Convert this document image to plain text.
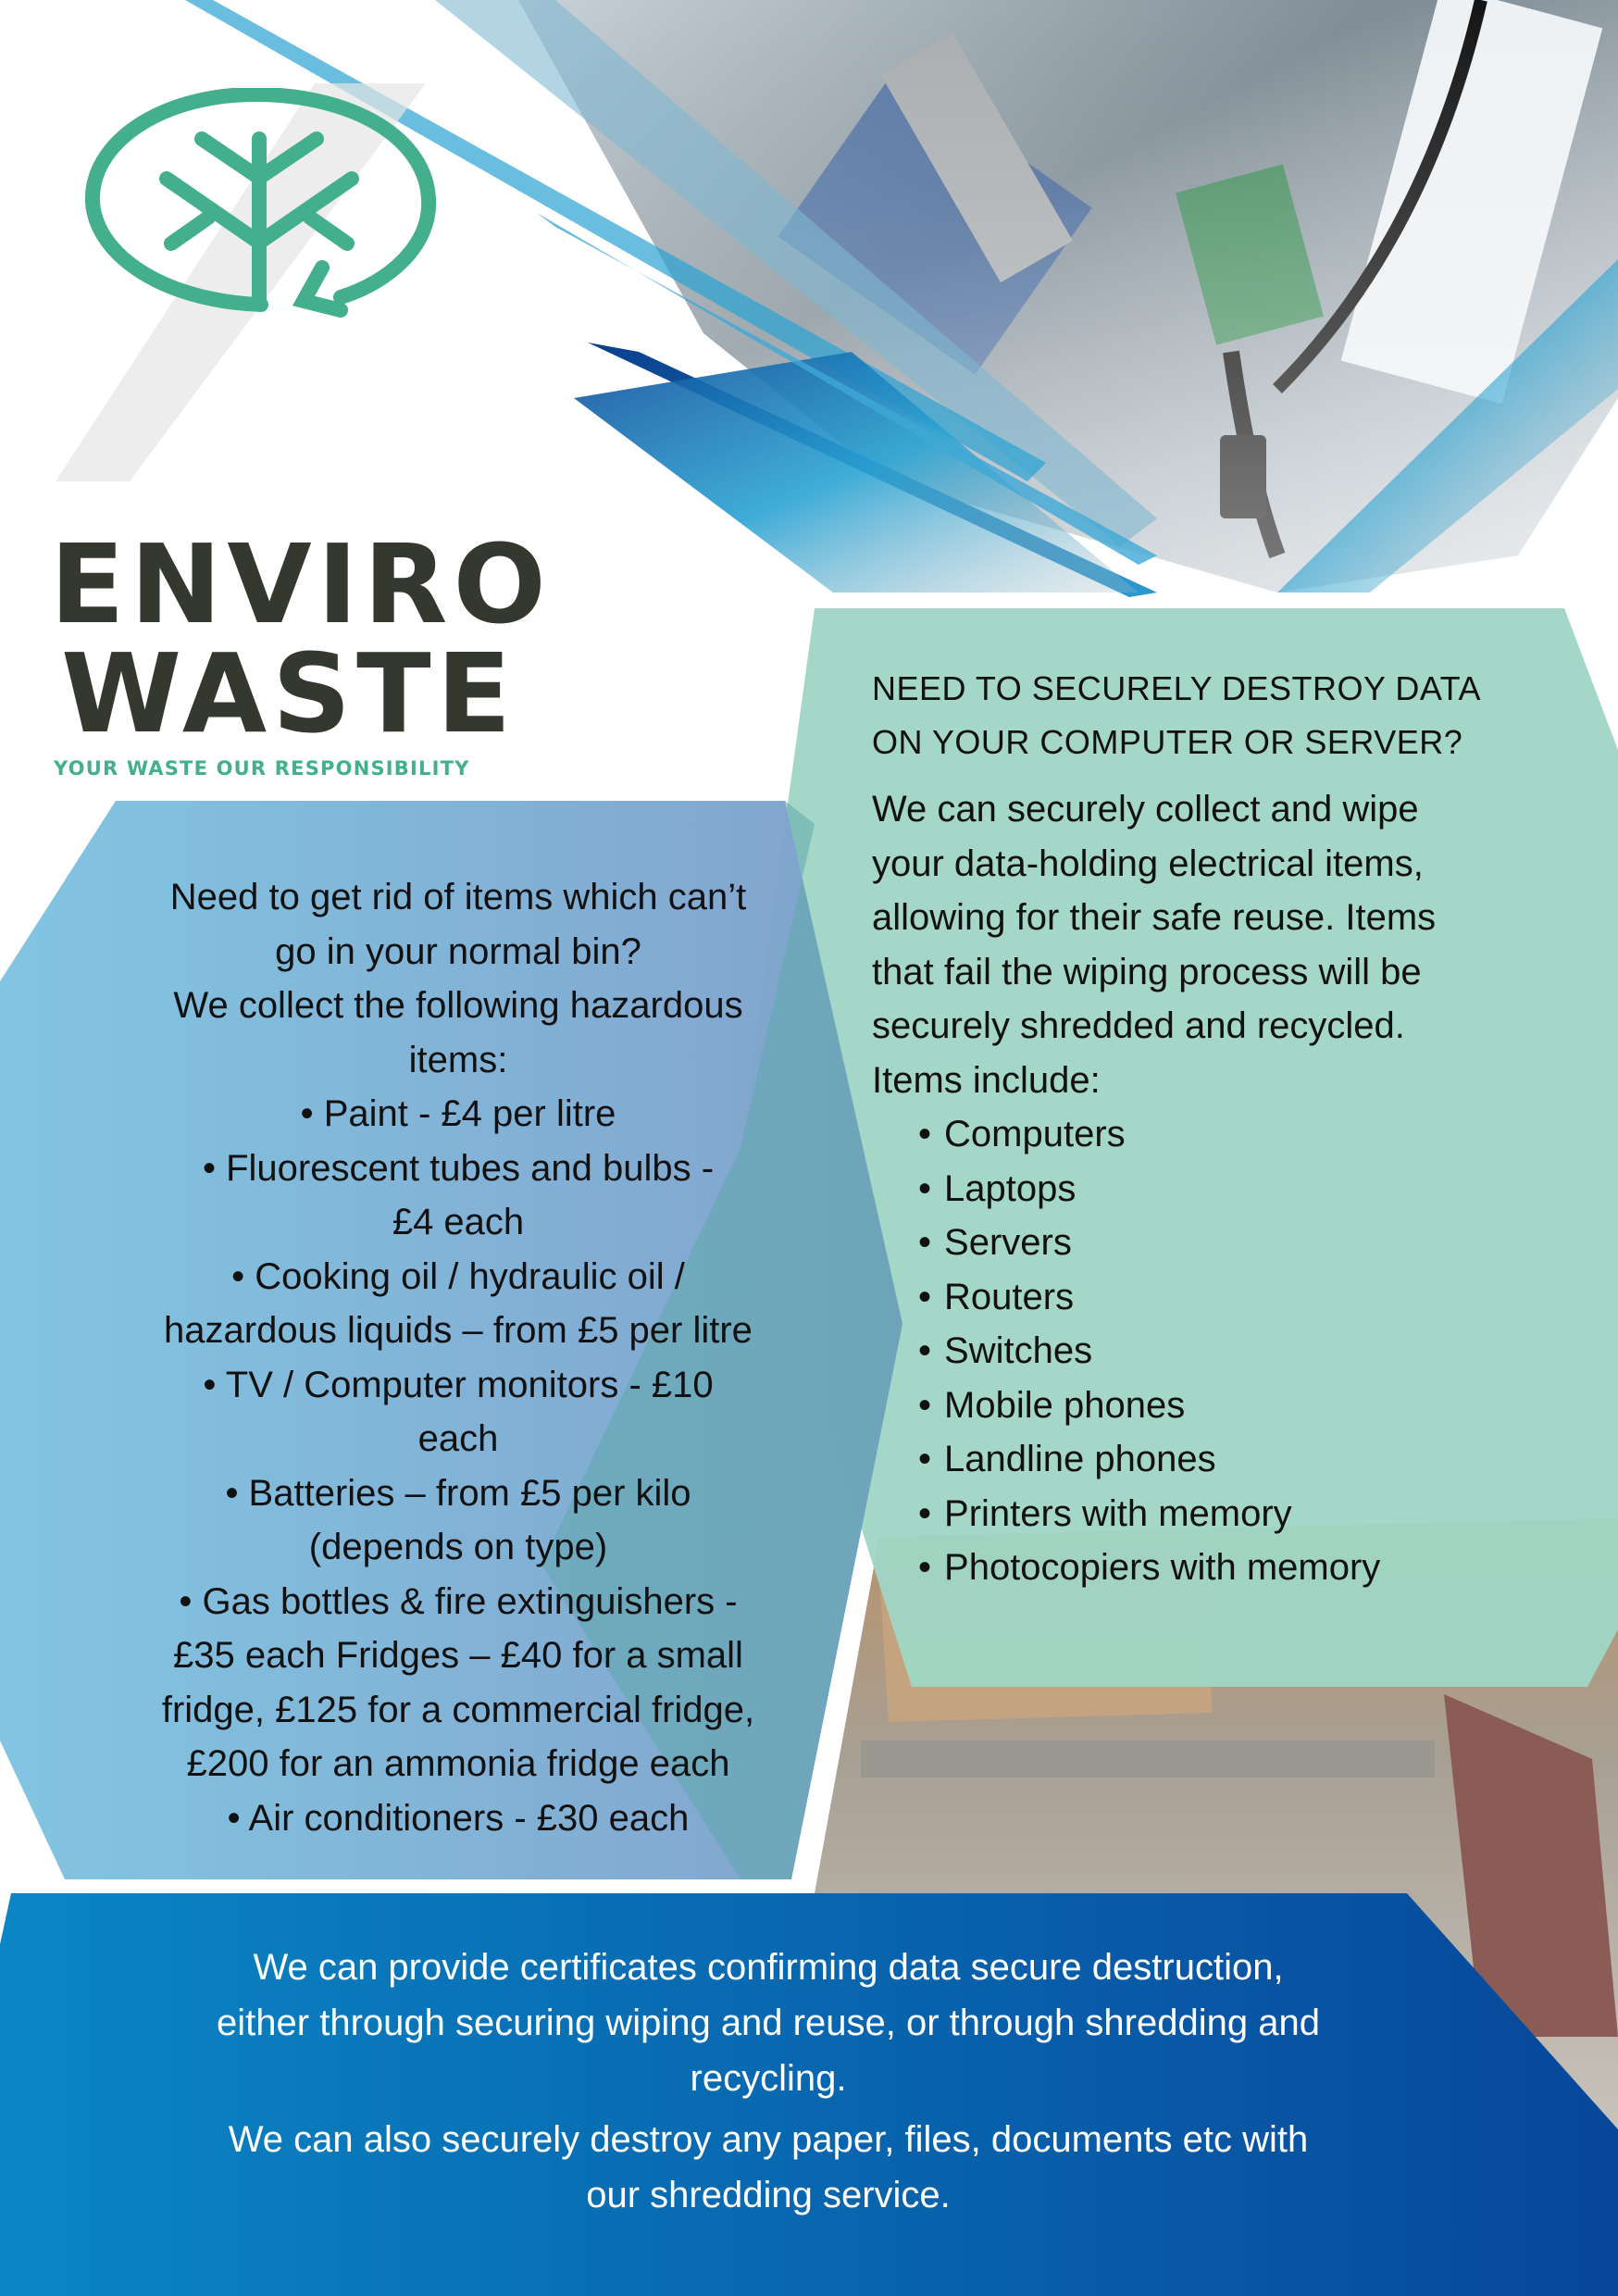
ENVIRO
WASTE
YOUR WASTE OUR RESPONSIBILITY
NEED TO SECURELY DESTROY DATA
ON YOUR COMPUTER OR SERVER?
We can securely collect and wipe
your data-holding electrical items,
allowing for their safe reuse. Items
that fail the wiping process will be
securely shredded and recycled.
Items include:
• Computers
• Laptops
• Servers
• Routers
• Switches
• Mobile phones
• Landline phones
• Printers with memory
• Photocopiers with memory

Need to get rid of items which can’t

go in your normal bin?

We collect the following hazardous

items:

• Paint - £4 per litre

• Fluorescent tubes and bulbs -

£4 each

• Cooking oil / hydraulic oil /

hazardous liquids – from £5 per litre

• TV / Computer monitors - £10

each

• Batteries – from £5 per kilo

(depends on type)

• Gas bottles & fire extinguishers -

£35 each Fridges – £40 for a small

fridge, £125 for a commercial fridge,

£200 for an ammonia fridge each

• Air conditioners - £30 each

We can provide certificates confirming data secure destruction,

either through securing wiping and reuse, or through shredding and

recycling.

We can also securely destroy any paper, files, documents etc with

our shredding service.
